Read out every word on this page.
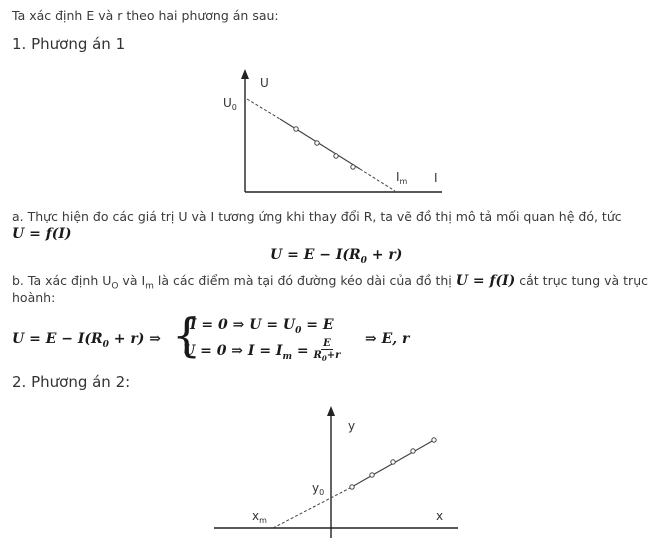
Ta xác định E và r theo hai phương án sau:
1. Phương án 1
U
$U_0$
$I_m$ I
a. Thực hiện đo các giá trị U và I tương ứng khi thay đổi R, ta vẽ đồ thị mô tả mối quan hệ đó, tức
U = f(I)
$U = E - I(R_0 + r)$
b. Ta xác định $U_O$ và $I_m$ là các điểm mà tại đó đường kéo dài của đồ thị U = f(I) cắt trục tung và trục
hoành:
$U = E - I(R_0 + r)$ ⇒ {
I = 0 ⇒ $U = U_0 = E$
U = 0 ⇒ $I = I_m = \frac{E}{R_0+r}$ ⇒ E, r
2. Phương án 2:
y
$y_0$
$x_m$	x
